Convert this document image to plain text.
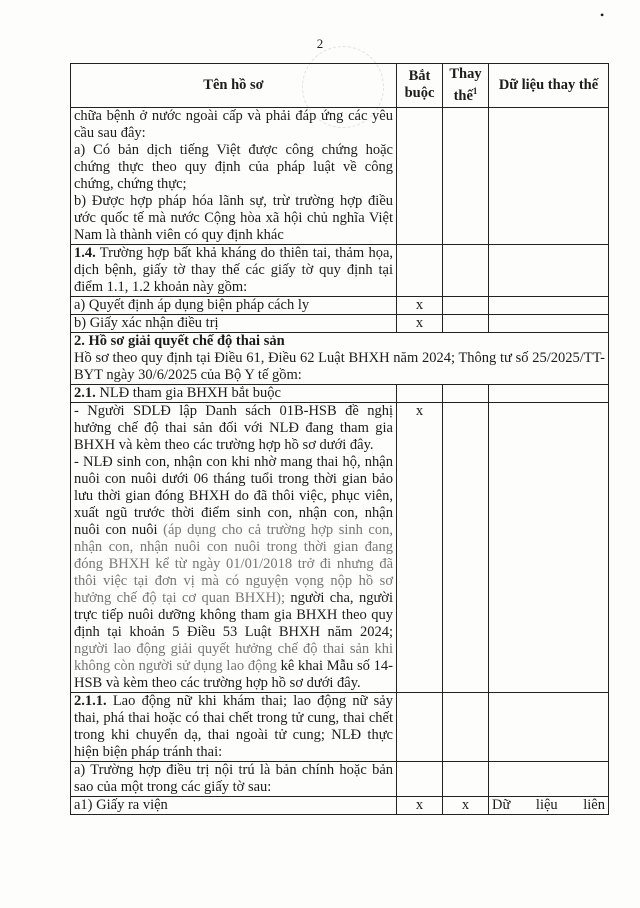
2
•
Tên hồ sơ	Bắt buộc	Thay thế$^1$	Dữ liệu thay thế

chữa bệnh ở nước ngoài cấp và phải đáp ứng các yêu cầu sau đây:
a) Có bản dịch tiếng Việt được công chứng hoặc chứng thực theo quy định của pháp luật về công chứng, chứng thực;
b) Được hợp pháp hóa lãnh sự, trừ trường hợp điều ước quốc tế mà nước Cộng hòa xã hội chủ nghĩa Việt Nam là thành viên có quy định khác			

1.4. Trường hợp bất khả kháng do thiên tai, thảm họa, dịch bệnh, giấy tờ thay thế các giấy tờ quy định tại điểm 1.1, 1.2 khoản này gồm:			
a) Quyết định áp dụng biện pháp cách ly	x		
b) Giấy xác nhận điều trị	x		

2. Hồ sơ giải quyết chế độ thai sản
Hồ sơ theo quy định tại Điều 61, Điều 62 Luật BHXH năm 2024; Thông tư số 25/2025/TT-BYT ngày 30/6/2025 của Bộ Y tế gồm:			

2.1. NLĐ tham gia BHXH bắt buộc			

- Người SDLĐ lập Danh sách 01B-HSB đề nghị hưởng chế độ thai sản đối với NLĐ đang tham gia BHXH và kèm theo các trường hợp hồ sơ dưới đây.
- NLĐ sinh con, nhận con khi nhờ mang thai hộ, nhận nuôi con nuôi dưới 06 tháng tuổi trong thời gian bảo lưu thời gian đóng BHXH do đã thôi việc, phục viên, xuất ngũ trước thời điểm sinh con, nhận con, nhận nuôi con nuôi (áp dụng cho cả trường hợp sinh con, nhận con, nhận nuôi con nuôi trong thời gian đang đóng BHXH kể từ ngày 01/01/2018 trở đi nhưng đã thôi việc tại đơn vị mà có nguyện vọng nộp hồ sơ hưởng chế độ tại cơ quan BHXH); người cha, người trực tiếp nuôi dưỡng không tham gia BHXH theo quy định tại khoản 5 Điều 53 Luật BHXH năm 2024; người lao động giải quyết hưởng chế độ thai sản khi không còn người sử dụng lao động kê khai Mẫu số 14-HSB và kèm theo các trường hợp hồ sơ dưới đây.	x		
2.1.1. Lao động nữ khi khám thai; lao động nữ sảy thai, phá thai hoặc có thai chết trong tử cung, thai chết trong khi chuyển dạ, thai ngoài tử cung; NLĐ thực hiện biện pháp tránh thai:			
a) Trường hợp điều trị nội trú là bản chính hoặc bản sao của một trong các giấy tờ sau:			
a1) Giấy ra viện	x	x	Dữ liệu liên
